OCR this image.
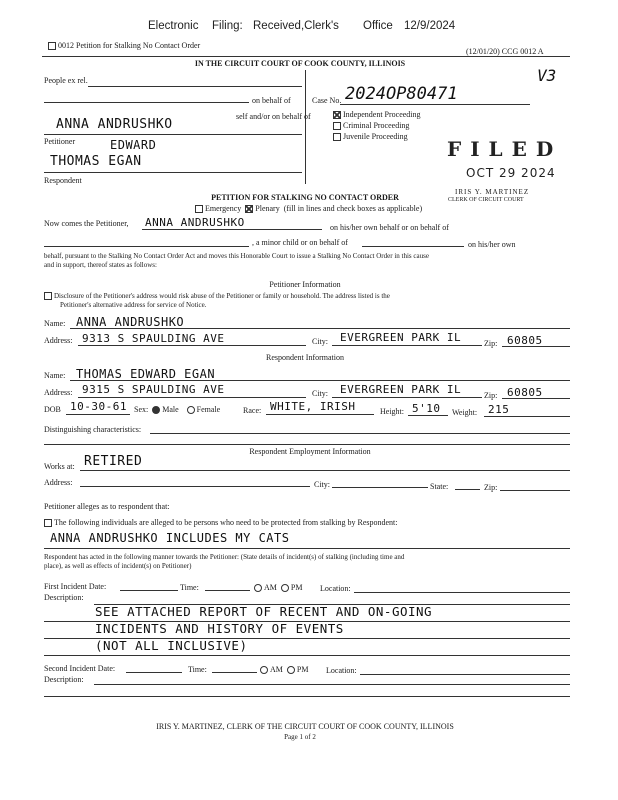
Electronic Filing: Received,Clerk's Office 12/9/2024
0012 Petition for Stalking No Contact Order
(12/01/20) CCG 0012 A
IN THE CIRCUIT COURT OF COOK COUNTY, ILLINOIS
People ex rel.
on behalf of
self and/or on behalf of
ANNA ANDRUSHKO
Petitioner	EDWARD
THOMAS EGAN
Respondent
Case No. 2024OP80471
V3
Independent Proceeding
Criminal Proceeding
Juvenile Proceeding
FILED
OCT 29 2024
IRIS Y. MARTINEZ
CLERK OF CIRCUIT COURT
PETITION FOR STALKING NO CONTACT ORDER
Emergency Plenary (fill in lines and check boxes as applicable)
Now comes the Petitioner, ANNA ANDRUSHKO	on his/her own behalf or on behalf of
, a minor child or on behalf of	on his/her own
behalf, pursuant to the Stalking No Contact Order Act and moves this Honorable Court to issue a Stalking No Contact Order in this cause
and in support, thereof states as follows:
Petitioner Information
Disclosure of the Petitioner's address would risk abuse of the Petitioner or family or household. The address listed is the
Petitioner's alternative address for service of Notice.
Name: ANNA ANDRUSHKO
Address: 9313 S SPAULDING AVE	City: EVERGREEN PARK IL	Zip: 60805
Respondent Information
Name: THOMAS EDWARD EGAN
Address: 9315 S SPAULDING AVE	City: EVERGREEN PARK IL	Zip: 60805
DOB 10-30-61 Sex: Male Female	Race: WHITE, IRISH	Height: 5'10 Weight: 215
Distinguishing characteristics:
Respondent Employment Information
Works at: RETIRED
Address:	City:	State:	Zip:
Petitioner alleges as to respondent that:
The following individuals are alleged to be persons who need to be protected from stalking by Respondent:
ANNA ANDRUSHKO INCLUDES MY CATS
Respondent has acted in the following manner towards the Petitioner: (State details of incident(s) of stalking (including time and
place), as well as effects of incident(s) on Petitioner)
First Incident Date:	Time:	AM PM Location:
Description:
SEE ATTACHED REPORT OF RECENT AND ON-GOING
INCIDENTS AND HISTORY OF EVENTS
(NOT ALL INCLUSIVE)
Second Incident Date:	Time:	AM PM Location:
Description:
IRIS Y. MARTINEZ, CLERK OF THE CIRCUIT COURT OF COOK COUNTY, ILLINOIS
Page 1 of 2
